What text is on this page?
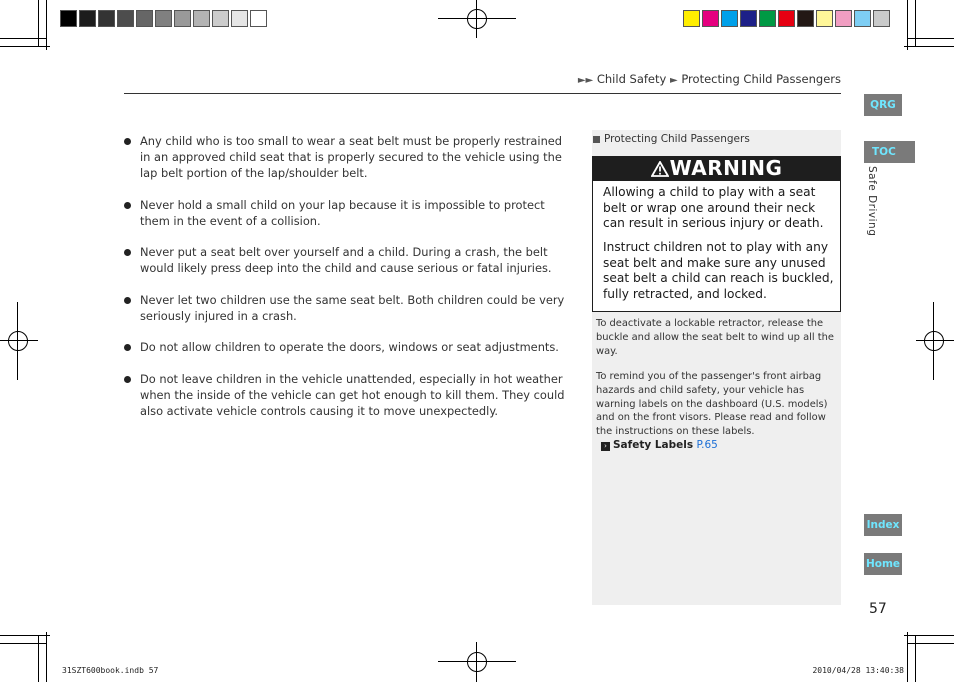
►► Child Safety ► Protecting Child Passengers
QRG
TOC
Safe Driving
Index
Home
Any child who is too small to wear a seat belt must be properly restrained in an approved child seat that is properly secured to the vehicle using the lap belt portion of the lap/shoulder belt.
Never hold a small child on your lap because it is impossible to protect them in the event of a collision.
Never put a seat belt over yourself and a child. During a crash, the belt would likely press deep into the child and cause serious or fatal injuries.
Never let two children use the same seat belt. Both children could be very seriously injured in a crash.
Do not allow children to operate the doors, windows or seat adjustments.
Do not leave children in the vehicle unattended, especially in hot weather when the inside of the vehicle can get hot enough to kill them. They could also activate vehicle controls causing it to move unexpectedly.
Protecting Child Passengers
WARNING

Allowing a child to play with a seat belt or wrap one around their neck can result in serious injury or death.

Instruct children not to play with any seat belt and make sure any unused seat belt a child can reach is buckled, fully retracted, and locked.

To deactivate a lockable retractor, release the buckle and allow the seat belt to wind up all the way.

To remind you of the passenger's front airbag hazards and child safety, your vehicle has warning labels on the dashboard (U.S. models) and on the front visors. Please read and follow the instructions on these labels.

› Safety Labels P.65
57
31SZT600book.indb 57	2010/04/28 13:40:38
